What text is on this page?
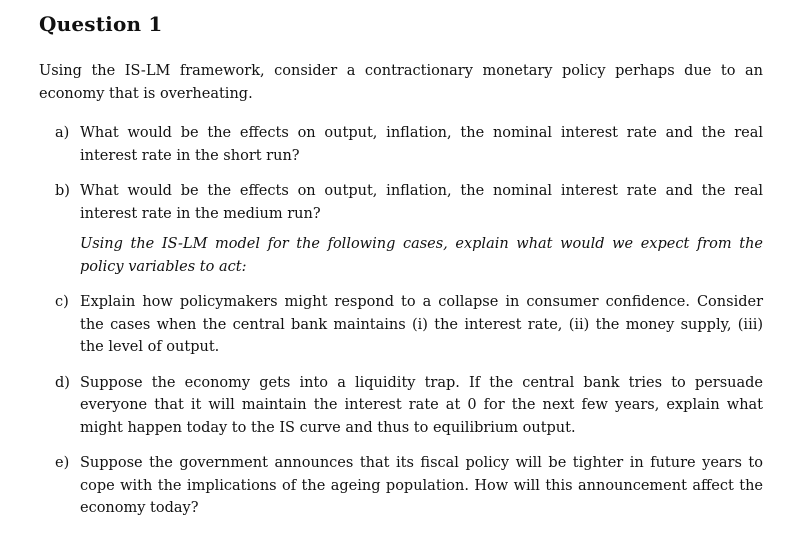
Question 1

Using the IS-LM framework, consider a contractionary monetary policy perhaps due to an economy that is overheating.

a) What would be the effects on output, inflation, the nominal interest rate and the real interest rate in the short run?
b) What would be the effects on output, inflation, the nominal interest rate and the real interest rate in the medium run?
Using the IS-LM model for the following cases, explain what would we expect from the policy variables to act:
c) Explain how policymakers might respond to a collapse in consumer confidence. Consider the cases when the central bank maintains (i) the interest rate, (ii) the money supply, (iii) the level of output.
d) Suppose the economy gets into a liquidity trap. If the central bank tries to persuade everyone that it will maintain the interest rate at 0 for the next few years, explain what might happen today to the IS curve and thus to equilibrium output.
e) Suppose the government announces that its fiscal policy will be tighter in future years to cope with the implications of the ageing population. How will this announcement affect the economy today?
